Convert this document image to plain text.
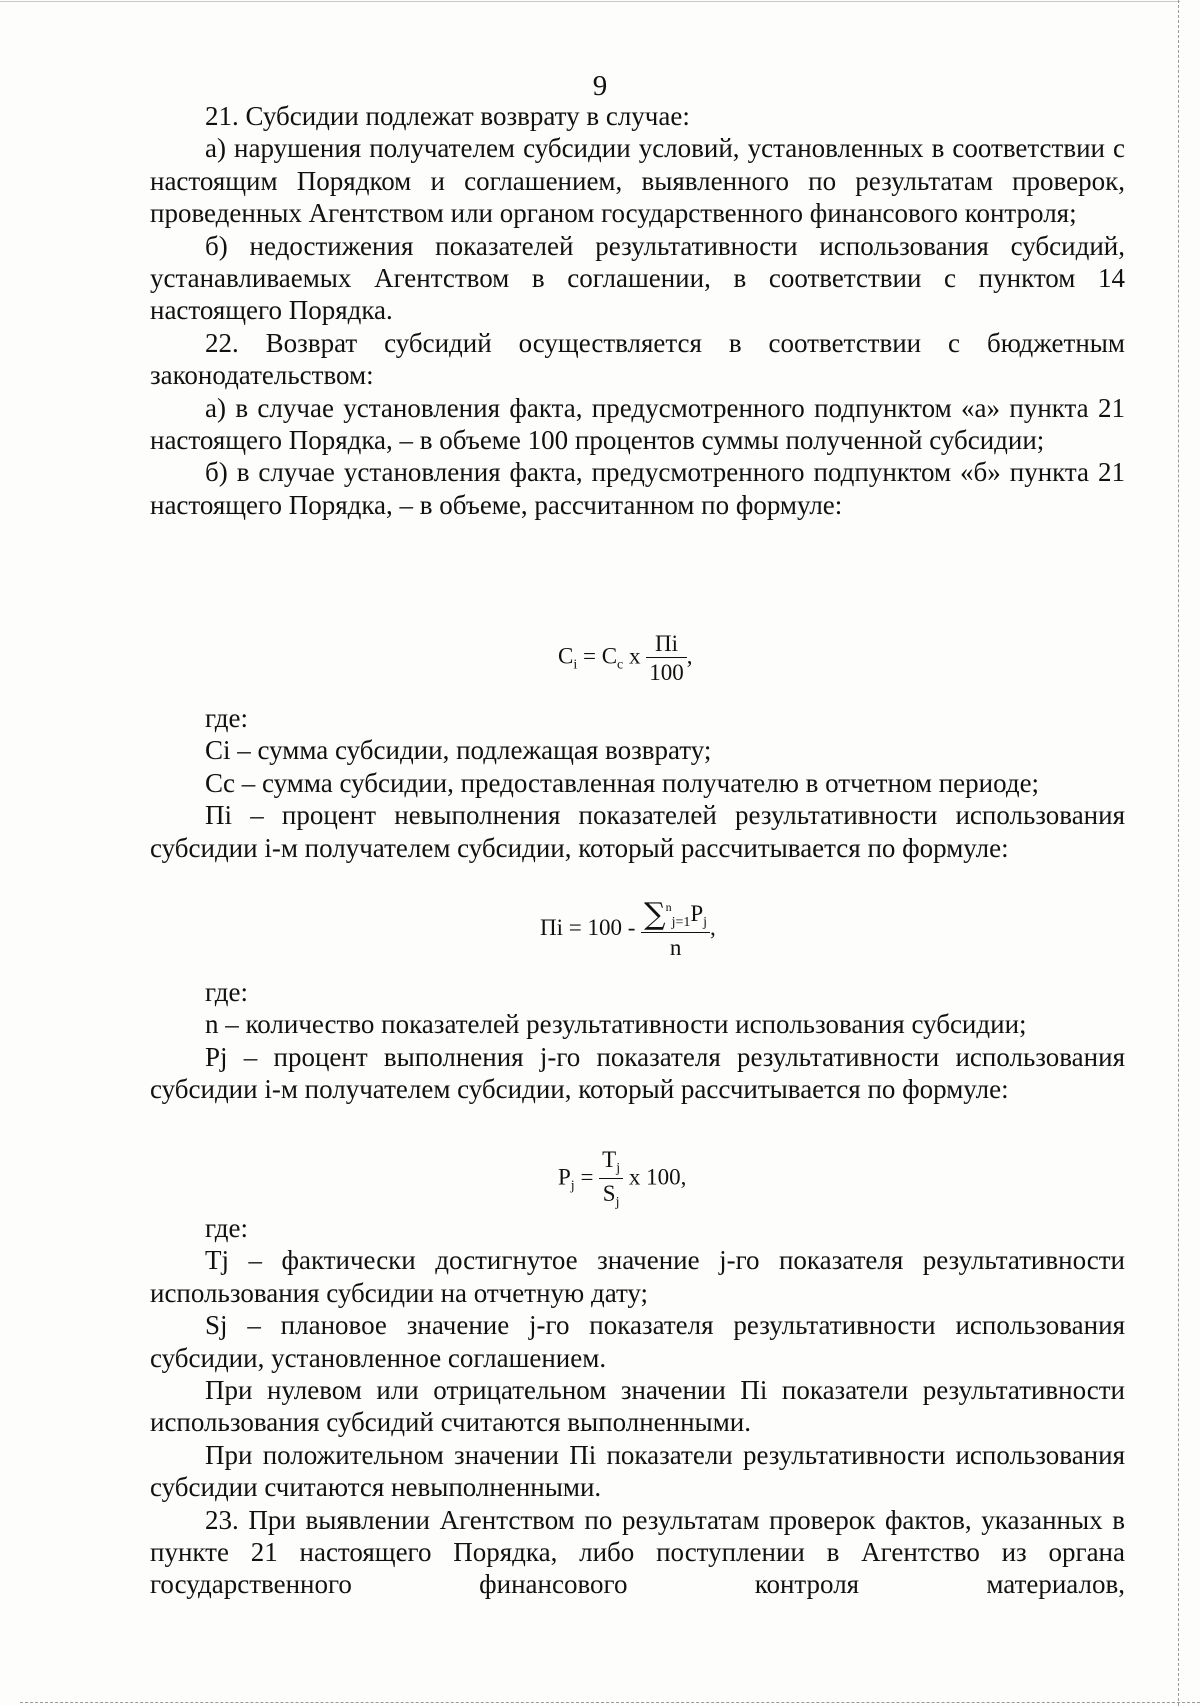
9

21. Субсидии подлежат возврату в случае:

а) нарушения получателем субсидии условий, установленных в соответствии с настоящим Порядком и соглашением, выявленного по результатам проверок, проведенных Агентством или органом государственного финансового контроля;

б) недостижения показателей результативности использования субсидий, устанавливаемых Агентством в соглашении, в соответствии с пунктом 14 настоящего Порядка.

22. Возврат субсидий осуществляется в соответствии с бюджетным законодательством:

а) в случае установления факта, предусмотренного подпунктом «а» пункта 21 настоящего Порядка, – в объеме 100 процентов суммы полученной субсидии;

б) в случае установления факта, предусмотренного подпунктом «б» пункта 21 настоящего Порядка, – в объеме, рассчитанном по формуле:

$C_i = C_c$ x $\frac{Пi}{100}$ ,

где:

Ci – сумма субсидии, подлежащая возврату;

Cc – сумма субсидии, предоставленная получателю в отчетном периоде;

Пi – процент невыполнения показателей результативности использования субсидии i-м получателем субсидии, который рассчитывается по формуле:

Пi = $100 - \frac{\sum^n_{j=1}P_j}{n}$ ,

где:

n – количество показателей результативности использования субсидии;

Pj – процент выполнения j-го показателя результативности использования субсидии i-м получателем субсидии, который рассчитывается по формуле:

$P_j = \frac{T_j}{S_j}$ x 100,

где:

Tj – фактически достигнутое значение j-го показателя результативности использования субсидии на отчетную дату;

Sj – плановое значение j-го показателя результативности использования субсидии, установленное соглашением.

При нулевом или отрицательном значении Пi показатели результативности использования субсидий считаются выполненными.

При положительном значении Пi показатели результативности использования субсидии считаются невыполненными.

23. При выявлении Агентством по результатам проверок фактов, указанных в пункте 21 настоящего Порядка, либо поступлении в Агентство из органа государственного финансового контроля материалов,
